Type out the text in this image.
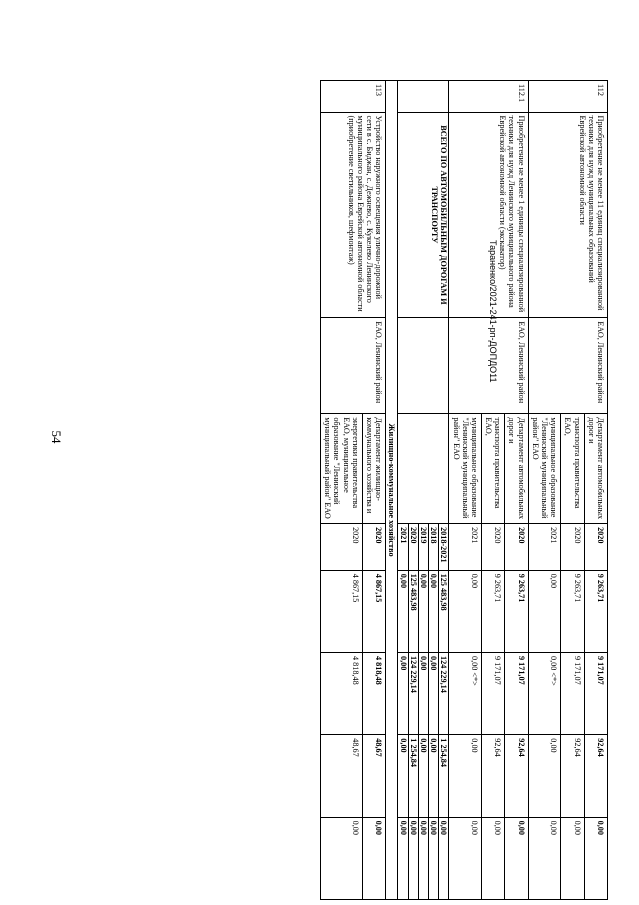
54
Тараненко/2021-241-рп-ДОПДО11
112	Приобретение не менее 11 единиц специализированной техники для нужд муниципальных образований Еврейской автономной области	ЕАО, Ленинский район	Департамент автомобильных дорог и	2020	9 263,71	9 171,07	92,64	0,00
			транспорта правительства ЕАО,	2020	9 263,71	9 171,07	92,64	0,00
			муниципальное образование "Ленинский муниципальный район" ЕАО	2021	0,00	0,00 <*>	0,00	0,00
112.1	Приобретение не менее 1 единицы специализированной техники для нужд Ленинского муниципального района Еврейской автономной области (экскаватор)	ЕАО, Ленинский район	Департамент автомобильных дорог и	2020	9 263,71	9 171,07	92,64	0,00
			транспорта правительства ЕАО,	2020	9 263,71	9 171,07	92,64	0,00
			муниципальное образование "Ленинский муниципальный район" ЕАО	2021	0,00	0,00 <*>	0,00	0,00
	ВСЕГО ПО АВТОМОБИЛЬНЫМ ДОРОГАМ И ТРАНСПОРТУ			2018-2021	125 483,98	124 229,14	1 254,84	0,00
				2018	0,00	0,00	0,00	0,00
				2019	0,00	0,00	0,00	0,00
				2020	125 483,98	124 229,14	1 254,84	0,00
				2021	0,00	0,00	0,00	0,00
Жилищно-коммунальное хозяйство								
113	Устройство наружного освещения улично-дорожной сети в с. Биджан, с. Дежнево, с. Кукелево Ленинского муниципального района Еврейской автономной области (приобретение светильников, шефмонтаж)	ЕАО, Ленинский район	Департамент жилищно-коммунального хозяйства и	2020	4 867,15	4 818,48	48,67	0,00
			энергетики правительства ЕАО, муниципальное образование "Ленинский муниципальный район" ЕАО	2020	4 867,15	4 818,48	48,67	0,00
